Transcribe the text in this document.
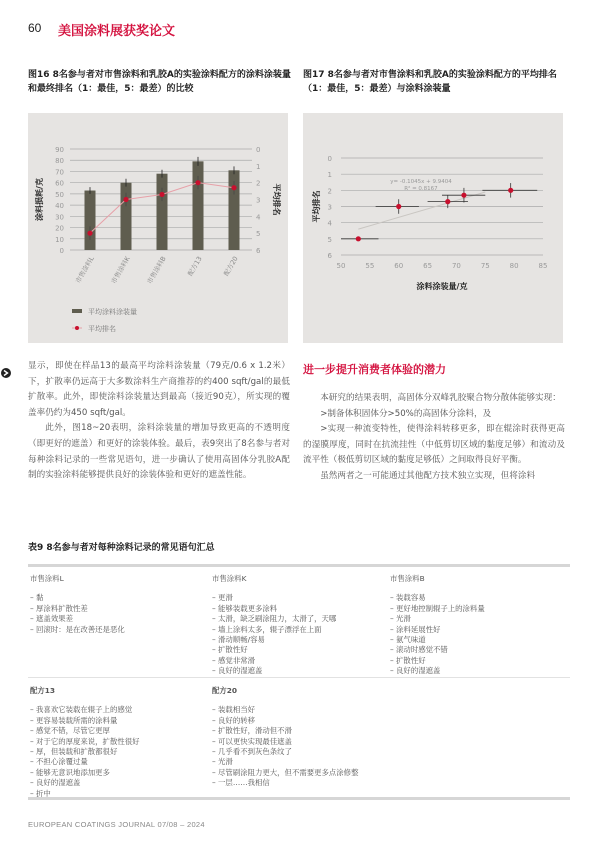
60 美国涂料展获奖论文
图16 8名参与者对市售涂料和乳胶A的实验涂料配方的涂料涂装量
和最终排名（1：最佳，5：最差）的比较
图17 8名参与者对市售涂料和乳胶A的实验涂料配方的平均排名
（1：最佳，5：最差）与涂料涂装量
0
10
20
30
40
50
60
70
80
90	0
1
2
3
4
5
6
涂料损耗/克	平均排名
市售涂料L 市售涂料K 市售涂料B	配方13	配方20
平均涂料涂装量
平均排名
0
1
2
3
4
5
6
50	55	60	65	70	75	80	85
平均排名
涂料涂装量/克
y= -0.1045x + 9.9404
R² = 0.8167

显示，即使在样品13的最高平均涂料涂装量（79克/0.6 x 1.2米）下，扩散率仍远高于大多数涂料生产商推荐的约400 sqft/gal的最低扩散率。此外，即使涂料涂装量达到最高（接近90克），所实现的覆盖率仍约为450 sqft/gal。

此外，图18~20表明，涂料涂装量的增加导致更高的不透明度（即更好的遮盖）和更好的涂装体验。最后，表9突出了8名参与者对每种涂料记录的一些常见语句，进一步确认了使用高固体分乳胶A配制的实验涂料能够提供良好的涂装体验和更好的遮盖性能。

进一步提升消费者体验的潜力

本研究的结果表明，高固体分双峰乳胶聚合物分散体能够实现：

>制备体积固体分>50%的高固体分涂料，及

>实现一种流变特性，使得涂料转移更多，即在辊涂时获得更高的湿膜厚度，同时在抗流挂性（中低剪切区域的黏度足够）和流动及流平性（极低剪切区域的黏度足够低）之间取得良好平衡。

虽然两者之一可能通过其他配方技术独立实现，但将涂料

表9 8名参与者对每种涂料记录的常见语句汇总
市售涂料L
– 黏
– 厚涂料扩散性差
– 遮盖效果差
– 回滚时：是在改善还是恶化
市售涂料K
– 更滑
– 能够装载更多涂料
– 太滑，缺乏刷涂阻力，太滑了，天哪
– 墙上涂料太多，辊子漂浮在上面
– 滑动顺畅/容易
– 扩散性好
– 感觉非常滑
– 良好的湿遮盖
市售涂料B
– 装载容易
– 更好地控制辊子上的涂料量
– 光滑
– 涂料延展性好
– 氨气味道
– 滚动时感觉不错
– 扩散性好
– 良好的湿遮盖
配方13
– 我喜欢它装载在辊子上的感觉
– 更容易装载所需的涂料量
– 感觉不错，尽管它更厚
– 对于它的厚度来说，扩散性很好
– 厚，但装载和扩散都很好
– 不担心涂覆过量
– 能够无意识地添加更多
– 良好的湿遮盖
– 折中
配方20
– 装载相当好
– 良好的转移
– 扩散性好，滑动但不滑
– 可以更快实现最佳遮盖
– 几乎看不到灰色条纹了
– 光滑
– 尽管刷涂阻力更大，但不需要更多点涂修整
– 一层……我相信
EUROPEAN COATINGS JOURNAL 07/08 – 2024
